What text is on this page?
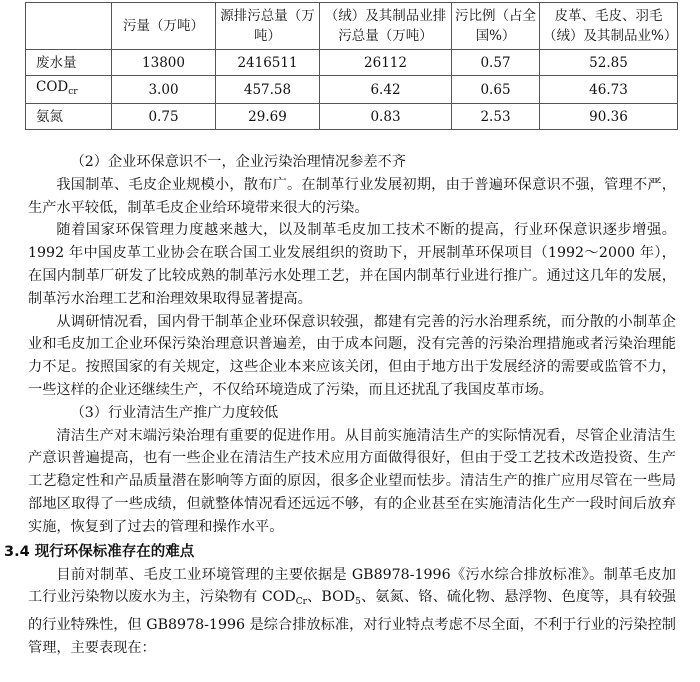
	污量（万吨）	源排污总量（万吨）	（绒）及其制品业排污总量（万吨）	污比例（占全国%）	皮革、毛皮、羽毛（绒）及其制品业%）
废水量	13800	2416511	26112	0.57	52.85
$COD_{cr}$	3.00	457.58	6.42	0.65	46.73
氨氮	0.75	29.69	0.83	2.53	90.36

（2）企业环保意识不一，企业污染治理情况参差不齐

我国制革、毛皮企业规模小，散布广。在制革行业发展初期，由于普遍环保意识不强，管理不严，生产水平较低，制革毛皮企业给环境带来很大的污染。

随着国家环保管理力度越来越大，以及制革毛皮加工技术不断的提高，行业环保意识逐步增强。1992 年中国皮革工业协会在联合国工业发展组织的资助下，开展制革环保项目（1992～2000 年），在国内制革厂研发了比较成熟的制革污水处理工艺，并在国内制革行业进行推广。通过这几年的发展，制革污水治理工艺和治理效果取得显著提高。

从调研情况看，国内骨干制革企业环保意识较强，都建有完善的污水治理系统，而分散的小制革企业和毛皮加工企业环保污染治理意识普遍差，由于成本问题，没有完善的污染治理措施或者污染治理能力不足。按照国家的有关规定，这些企业本来应该关闭，但由于地方出于发展经济的需要或监管不力，一些这样的企业还继续生产，不仅给环境造成了污染，而且还扰乱了我国皮革市场。

（3）行业清洁生产推广力度较低

清洁生产对末端污染治理有重要的促进作用。从目前实施清洁生产的实际情况看，尽管企业清洁生产意识普遍提高，也有一些企业在清洁生产技术应用方面做得很好，但由于受工艺技术改造投资、生产工艺稳定性和产品质量潜在影响等方面的原因，很多企业望而怯步。清洁生产的推广应用尽管在一些局部地区取得了一些成绩，但就整体情况看还远远不够，有的企业甚至在实施清洁化生产一段时间后放弃实施，恢复到了过去的管理和操作水平。

3.4 现行环保标准存在的难点

目前对制革、毛皮工业环境管理的主要依据是 GB8978-1996《污水综合排放标准》。制革毛皮加工行业污染物以废水为主，污染物有 $COD_{Cr}$、$BOD_5$、氨氮、铬、硫化物、悬浮物、色度等，具有较强的行业特殊性，但 GB8978-1996 是综合排放标准，对行业特点考虑不尽全面，不利于行业的污染控制管理，主要表现在：
